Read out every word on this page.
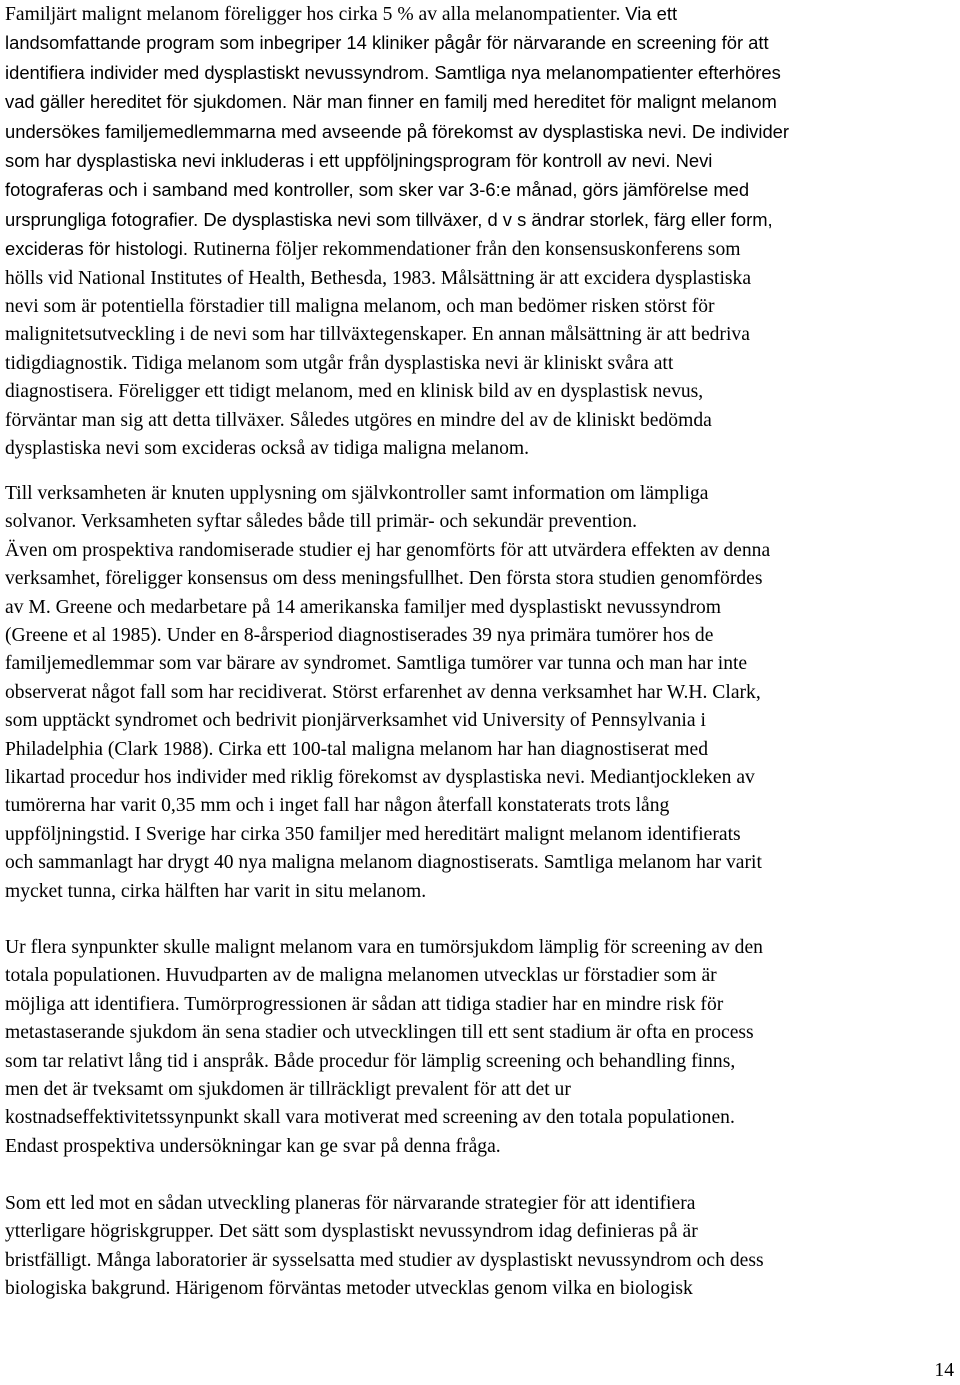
Familjärt malignt melanom föreligger hos cirka 5 % av alla melanompatienter. Via ett
landsomfattande program som inbegriper 14 kliniker pågår för närvarande en screening för att
identifiera individer med dysplastiskt nevussyndrom. Samtliga nya melanompatienter efterhöres
vad gäller hereditet för sjukdomen. När man finner en familj med hereditet för malignt melanom
undersökes familjemedlemmarna med avseende på förekomst av dysplastiska nevi. De individer
som har dysplastiska nevi inkluderas i ett uppföljningsprogram för kontroll av nevi. Nevi
fotograferas och i samband med kontroller, som sker var 3-6:e månad, görs jämförelse med
ursprungliga fotografier. De dysplastiska nevi som tillväxer, d v s ändrar storlek, färg eller form,
excideras för histologi. Rutinerna följer rekommendationer från den konsensuskonferens som
hölls vid National Institutes of Health, Bethesda, 1983. Målsättning är att excidera dysplastiska
nevi som är potentiella förstadier till maligna melanom, och man bedömer risken störst för
malignitetsutveckling i de nevi som har tillväxtegenskaper. En annan målsättning är att bedriva
tidigdiagnostik. Tidiga melanom som utgår från dysplastiska nevi är kliniskt svåra att
diagnostisera. Föreligger ett tidigt melanom, med en klinisk bild av en dysplastisk nevus,
förväntar man sig att detta tillväxer. Således utgöres en mindre del av de kliniskt bedömda
dysplastiska nevi som excideras också av tidiga maligna melanom.

Till verksamheten är knuten upplysning om självkontroller samt information om lämpliga
solvanor. Verksamheten syftar således både till primär- och sekundär prevention.
Även om prospektiva randomiserade studier ej har genomförts för att utvärdera effekten av denna
verksamhet, föreligger konsensus om dess meningsfullhet. Den första stora studien genomfördes
av M. Greene och medarbetare på 14 amerikanska familjer med dysplastiskt nevussyndrom
(Greene et al 1985). Under en 8-årsperiod diagnostiserades 39 nya primära tumörer hos de
familjemedlemmar som var bärare av syndromet. Samtliga tumörer var tunna och man har inte
observerat något fall som har recidiverat. Störst erfarenhet av denna verksamhet har W.H. Clark,
som upptäckt syndromet och bedrivit pionjärverksamhet vid University of Pennsylvania i
Philadelphia (Clark 1988). Cirka ett 100-tal maligna melanom har han diagnostiserat med
likartad procedur hos individer med riklig förekomst av dysplastiska nevi. Mediantjockleken av
tumörerna har varit 0,35 mm och i inget fall har någon återfall konstaterats trots lång
uppföljningstid. I Sverige har cirka 350 familjer med hereditärt malignt melanom identifierats
och sammanlagt har drygt 40 nya maligna melanom diagnostiserats. Samtliga melanom har varit
mycket tunna, cirka hälften har varit in situ melanom.

Ur flera synpunkter skulle malignt melanom vara en tumörsjukdom lämplig för screening av den
totala populationen. Huvudparten av de maligna melanomen utvecklas ur förstadier som är
möjliga att identifiera. Tumörprogressionen är sådan att tidiga stadier har en mindre risk för
metastaserande sjukdom än sena stadier och utvecklingen till ett sent stadium är ofta en process
som tar relativt lång tid i anspråk. Både procedur för lämplig screening och behandling finns,
men det är tveksamt om sjukdomen är tillräckligt prevalent för att det ur
kostnadseffektivitetssynpunkt skall vara motiverat med screening av den totala populationen.
Endast prospektiva undersökningar kan ge svar på denna fråga.

Som ett led mot en sådan utveckling planeras för närvarande strategier för att identifiera
ytterligare högriskgrupper. Det sätt som dysplastiskt nevussyndrom idag definieras på är
bristfälligt. Många laboratorier är sysselsatta med studier av dysplastiskt nevussyndrom och dess
biologiska bakgrund. Härigenom förväntas metoder utvecklas genom vilka en biologisk

14
